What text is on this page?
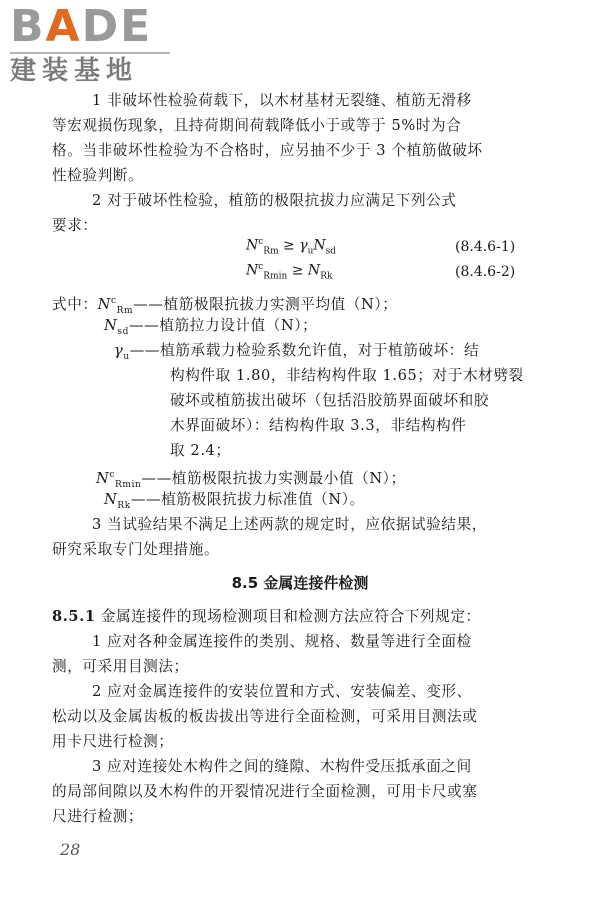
BADE
建装基地
1 非破坏性检验荷载下，以木材基材无裂缝、植筋无滑移
等宏观损伤现象，且持荷期间荷载降低小于或等于 5%时为合
格。当非破坏性检验为不合格时，应另抽不少于 3 个植筋做破坏
性检验判断。
2 对于破坏性检验，植筋的极限抗拔力应满足下列公式
要求：
$N^c_{Rm} \ge \gamma_uN_{sd}$	(8.4.6-1)
$N^c_{Rmin} \ge N_{Rk}$	(8.4.6-2)
式中：$N^c_{Rm}——$植筋极限抗拔力实测平均值（N）；
$N_{sd}——$植筋拉力设计值（N）；
$\gamma_u——$植筋承载力检验系数允许值，对于植筋破坏：结
构构件取 1.80，非结构构件取 1.65；对于木材劈裂
破坏或植筋拔出破坏（包括沿胶筋界面破坏和胶
木界面破坏）：结构构件取 3.3，非结构构件
取 2.4；
$N^c_{Rmin}——$植筋极限抗拔力实测最小值（N）；
$N_{Rk}——$植筋极限抗拔力标准值（N）。
3 当试验结果不满足上述两款的规定时，应依据试验结果，
研究采取专门处理措施。
8.5 金属连接件检测
8.5.1 金属连接件的现场检测项目和检测方法应符合下列规定：
1 应对各种金属连接件的类别、规格、数量等进行全面检
测，可采用目测法；
2 应对金属连接件的安装位置和方式、安装偏差、变形、
松动以及金属齿板的板齿拔出等进行全面检测，可采用目测法或
用卡尺进行检测；
3 应对连接处木构件之间的缝隙、木构件受压抵承面之间
的局部间隙以及木构件的开裂情况进行全面检测，可用卡尺或塞
尺进行检测；
28
